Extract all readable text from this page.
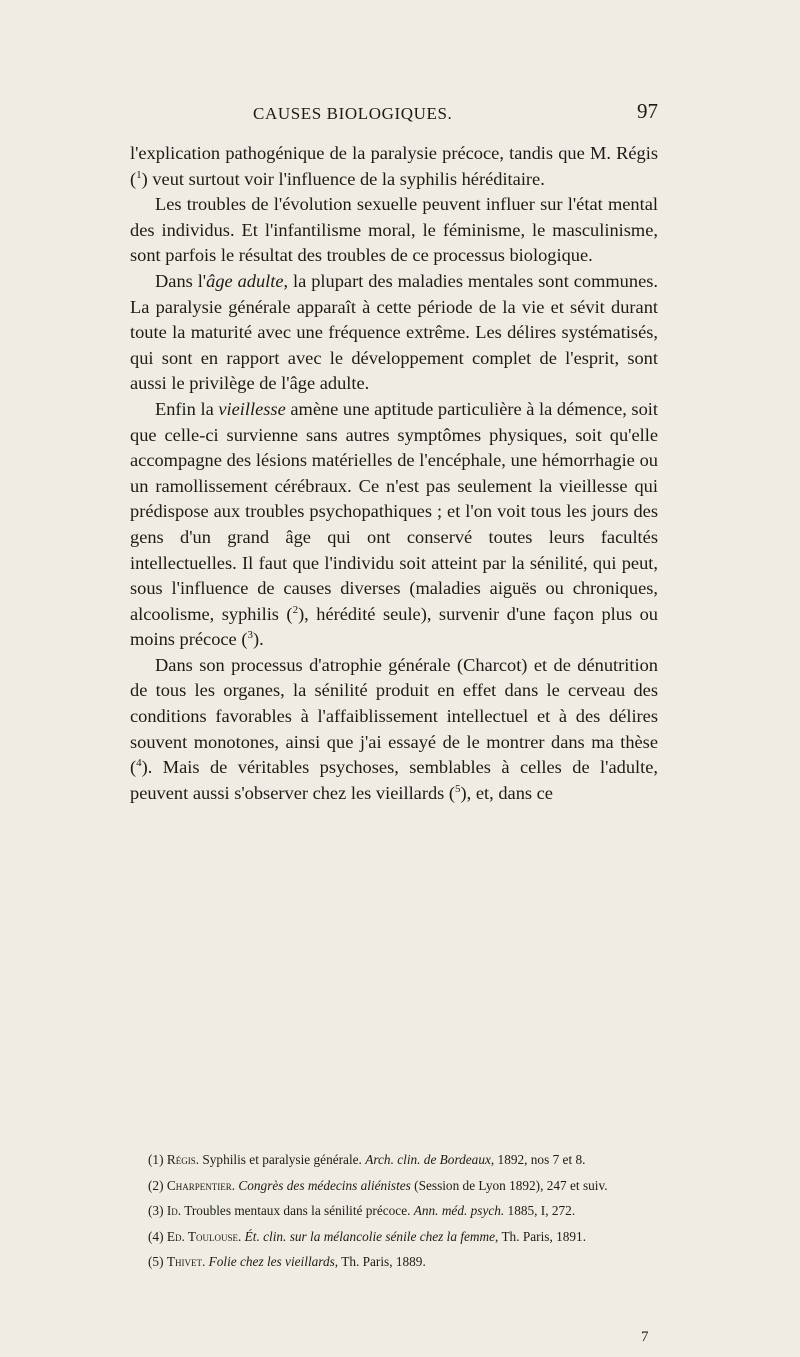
CAUSES BIOLOGIQUES.	97

l'explication pathogénique de la paralysie précoce, tandis que M. Régis ($^1$) veut surtout voir l'influence de la syphilis héréditaire.

Les troubles de l'évolution sexuelle peuvent influer sur l'état mental des individus. Et l'infantilisme moral, le féminisme, le masculinisme, sont parfois le résultat des troubles de ce processus biologique.

Dans l'âge adulte, la plupart des maladies mentales sont communes. La paralysie générale apparaît à cette période de la vie et sévit durant toute la maturité avec une fréquence extrême. Les délires systématisés, qui sont en rapport avec le développement complet de l'esprit, sont aussi le privilège de l'âge adulte.

Enfin la vieillesse amène une aptitude particulière à la démence, soit que celle-ci survienne sans autres symptômes physiques, soit qu'elle accompagne des lésions matérielles de l'encéphale, une hémorrhagie ou un ramollissement cérébraux. Ce n'est pas seulement la vieillesse qui prédispose aux troubles psychopathiques ; et l'on voit tous les jours des gens d'un grand âge qui ont conservé toutes leurs facultés intellectuelles. Il faut que l'individu soit atteint par la sénilité, qui peut, sous l'influence de causes diverses (maladies aiguës ou chroniques, alcoolisme, syphilis ($^2$), hérédité seule), survenir d'une façon plus ou moins précoce ($^3$).

Dans son processus d'atrophie générale (Charcot) et de dénutrition de tous les organes, la sénilité produit en effet dans le cerveau des conditions favorables à l'affaiblissement intellectuel et à des délires souvent monotones, ainsi que j'ai essayé de le montrer dans ma thèse ($^4$). Mais de véritables psychoses, semblables à celles de l'adulte, peuvent aussi s'observer chez les vieillards ($^5$), et, dans ce

(1) Régis. Syphilis et paralysie générale. Arch. clin. de Bordeaux, 1892, nos 7 et 8.

(2) Charpentier. Congrès des médecins aliénistes (Session de Lyon 1892), 247 et suiv.

(3) Id. Troubles mentaux dans la sénilité précoce. Ann. méd. psych. 1885, I, 272.

(4) Ed. Toulouse. Ét. clin. sur la mélancolie sénile chez la femme, Th. Paris, 1891.

(5) Thivet. Folie chez les vieillards, Th. Paris, 1889.

7
